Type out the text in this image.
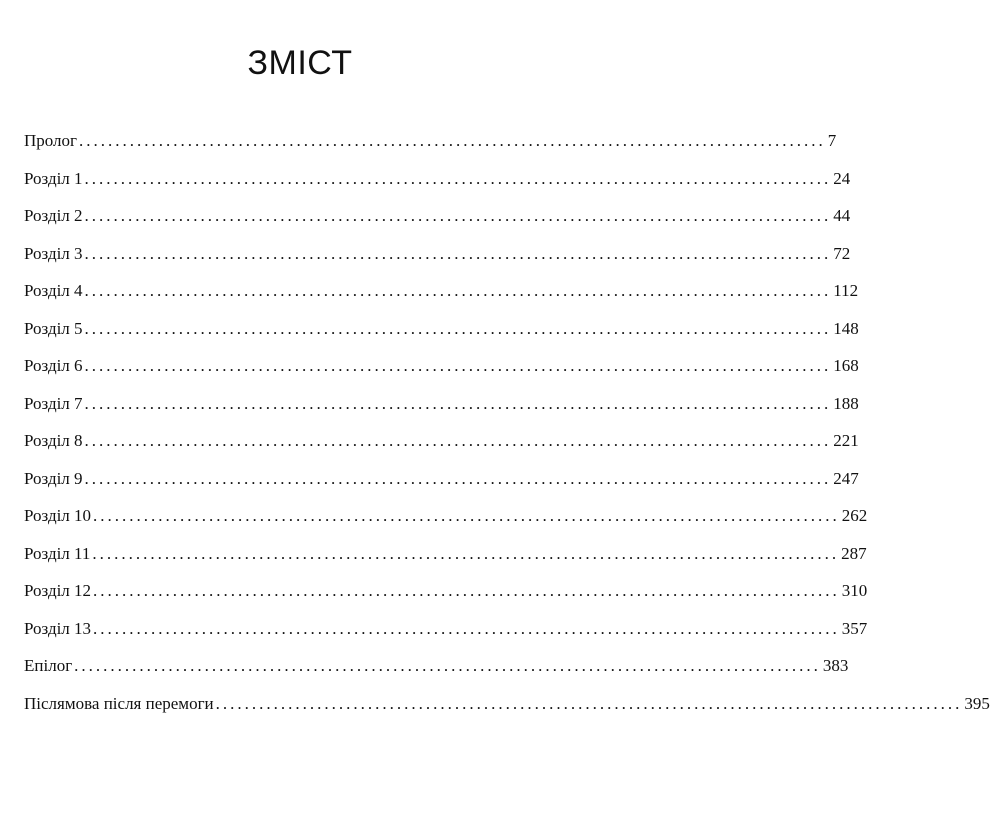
ЗМІСТ
Пролог ....................................................................................................... 7
Розділ 1 ....................................................................................................... 24
Розділ 2 ....................................................................................................... 44
Розділ 3 ....................................................................................................... 72
Розділ 4 ....................................................................................................... 112
Розділ 5 ....................................................................................................... 148
Розділ 6 ....................................................................................................... 168
Розділ 7 ....................................................................................................... 188
Розділ 8 ....................................................................................................... 221
Розділ 9 ....................................................................................................... 247
Розділ 10 ....................................................................................................... 262
Розділ 11 ....................................................................................................... 287
Розділ 12 ....................................................................................................... 310
Розділ 13 ....................................................................................................... 357
Епілог ....................................................................................................... 383
Післямова після перемоги ....................................................................................................... 395
